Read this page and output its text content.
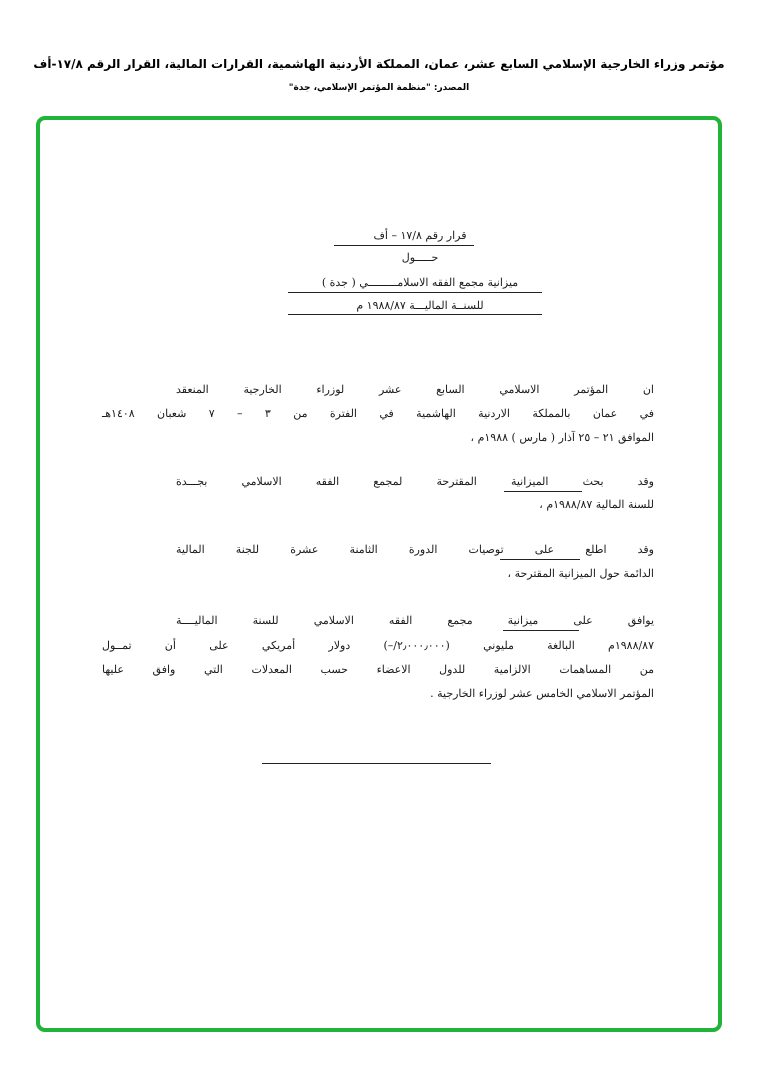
مؤتمر وزراء الخارجية الإسلامي السابع عشر، عمان، المملكة الأردنية الهاشمية، القرارات المالية، القرار الرقم ١٧/٨-أف
المصدر: "منظمة المؤتمر الإسلامي، جدة"
قرار رقم ١٧/٨ – أف
حـــــول
ميزانية مجمع الفقه الاسلامـــــــــي ( جدة )
للسنــة الماليـــة ١٩٨٨/٨٧ م
ان المؤتمر الاسلامي السابع عشر لوزراء الخارجية المنعقد
في عمان بالمملكة الاردنية الهاشمية في الفترة من ٣ – ٧ شعبان ١٤٠٨هـ
الموافق ٢١ – ٢٥ آذار ( مارس ) ١٩٨٨م ،
وقد بحث الميزانية المقترحة لمجمع الفقه الاسلامي بجـــدة
للسنة المالية ١٩٨٨/٨٧م ،
وقد اطلع على توصيات الدورة الثامنة عشرة للجنة المالية
الدائمة حول الميزانية المقترحة ،
يوافق على ميزانية مجمع الفقه الاسلامي للسنة الماليــــة
١٩٨٨/٨٧م البالغة مليوني (٢٫٠٠٠٫٠٠٠/–) دولار أمريكي على أن تمــول
من المساهمات الالزامية للدول الاعضاء حسب المعدلات التي وافق عليها
المؤتمر الاسلامي الخامس عشر لوزراء الخارجية .
